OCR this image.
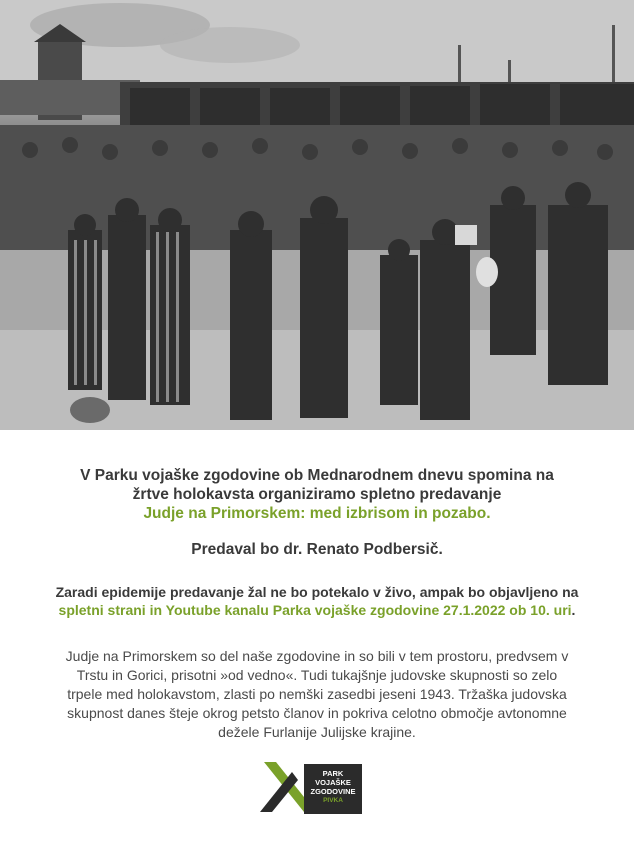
V Parku vojaške zgodovine ob Mednarodnem dnevu spomina na
žrtve holokavsta organiziramo spletno predavanje
Judje na Primorskem: med izbrisom in pozabo.

Predaval bo dr. Renato Podbersič.

Zaradi epidemije predavanje žal ne bo potekalo v živo, ampak bo objavljeno na spletni strani in Youtube kanalu Parka vojaške zgodovine 27.1.2022 ob 10. uri.

Judje na Primorskem so del naše zgodovine in so bili v tem prostoru, predvsem v Trstu in Gorici, prisotni »od vedno«. Tudi tukajšnje judovske skupnosti so zelo trpele med holokavstom, zlasti po nemški zasedbi jeseni 1943. Tržaška judovska skupnost danes šteje okrog petsto članov in pokriva celotno območje avtonomne dežele Furlanije Julijske krajine.

PARK
VOJAŠKE
ZGODOVINE
PIVKA
